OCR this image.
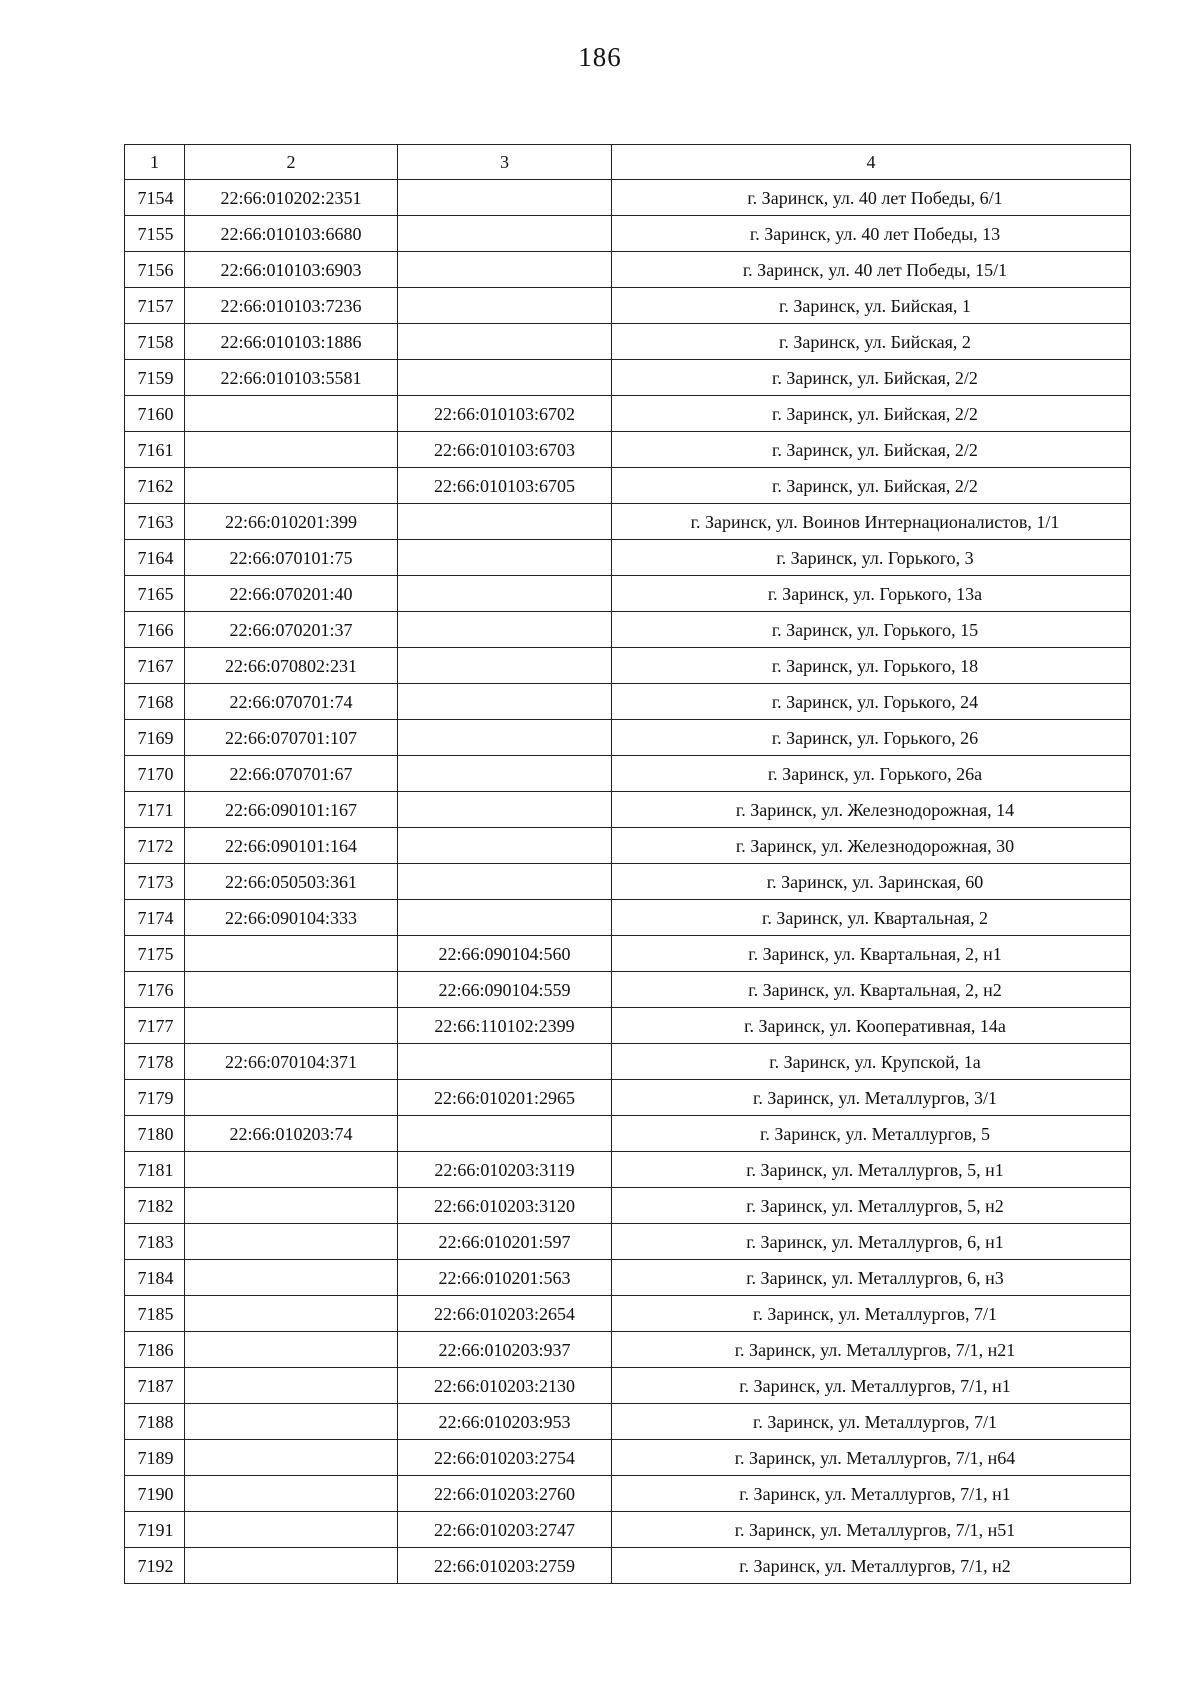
186
1	2	3	4
7154	22:66:010202:2351		г. Заринск, ул. 40 лет Победы, 6/1
7155	22:66:010103:6680		г. Заринск, ул. 40 лет Победы, 13
7156	22:66:010103:6903		г. Заринск, ул. 40 лет Победы, 15/1
7157	22:66:010103:7236		г. Заринск, ул. Бийская, 1
7158	22:66:010103:1886		г. Заринск, ул. Бийская, 2
7159	22:66:010103:5581		г. Заринск, ул. Бийская, 2/2
7160		22:66:010103:6702	г. Заринск, ул. Бийская, 2/2
7161		22:66:010103:6703	г. Заринск, ул. Бийская, 2/2
7162		22:66:010103:6705	г. Заринск, ул. Бийская, 2/2
7163	22:66:010201:399		г. Заринск, ул. Воинов Интернационалистов, 1/1
7164	22:66:070101:75		г. Заринск, ул. Горького, 3
7165	22:66:070201:40		г. Заринск, ул. Горького, 13а
7166	22:66:070201:37		г. Заринск, ул. Горького, 15
7167	22:66:070802:231		г. Заринск, ул. Горького, 18
7168	22:66:070701:74		г. Заринск, ул. Горького, 24
7169	22:66:070701:107		г. Заринск, ул. Горького, 26
7170	22:66:070701:67		г. Заринск, ул. Горького, 26а
7171	22:66:090101:167		г. Заринск, ул. Железнодорожная, 14
7172	22:66:090101:164		г. Заринск, ул. Железнодорожная, 30
7173	22:66:050503:361		г. Заринск, ул. Заринская, 60
7174	22:66:090104:333		г. Заринск, ул. Квартальная, 2
7175		22:66:090104:560	г. Заринск, ул. Квартальная, 2, н1
7176		22:66:090104:559	г. Заринск, ул. Квартальная, 2, н2
7177		22:66:110102:2399	г. Заринск, ул. Кооперативная, 14а
7178	22:66:070104:371		г. Заринск, ул. Крупской, 1а
7179		22:66:010201:2965	г. Заринск, ул. Металлургов, 3/1
7180	22:66:010203:74		г. Заринск, ул. Металлургов, 5
7181		22:66:010203:3119	г. Заринск, ул. Металлургов, 5, н1
7182		22:66:010203:3120	г. Заринск, ул. Металлургов, 5, н2
7183		22:66:010201:597	г. Заринск, ул. Металлургов, 6, н1
7184		22:66:010201:563	г. Заринск, ул. Металлургов, 6, н3
7185		22:66:010203:2654	г. Заринск, ул. Металлургов, 7/1
7186		22:66:010203:937	г. Заринск, ул. Металлургов, 7/1, н21
7187		22:66:010203:2130	г. Заринск, ул. Металлургов, 7/1, н1
7188		22:66:010203:953	г. Заринск, ул. Металлургов, 7/1
7189		22:66:010203:2754	г. Заринск, ул. Металлургов, 7/1, н64
7190		22:66:010203:2760	г. Заринск, ул. Металлургов, 7/1, н1
7191		22:66:010203:2747	г. Заринск, ул. Металлургов, 7/1, н51
7192		22:66:010203:2759	г. Заринск, ул. Металлургов, 7/1, н2
